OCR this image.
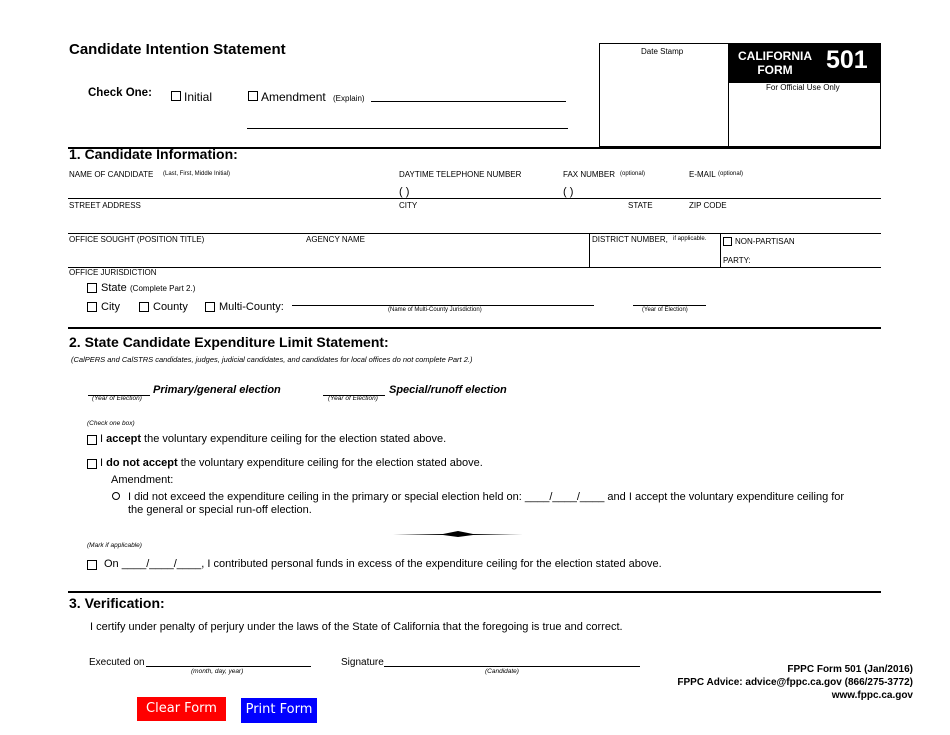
Candidate Intention Statement
Check One:	Initial	Amendment (Explain)
Date Stamp	CALIFORNIA
FORM	501
For Official Use Only
1. Candidate Information:
NAME OF CANDIDATE (Last, First, Middle Initial)	DAYTIME TELEPHONE NUMBER	FAX NUMBER (optional)	E-MAIL (optional)
( )	( )
STREET ADDRESS	CITY	STATE	ZIP CODE
OFFICE SOUGHT (POSITION TITLE)	AGENCY NAME	DISTRICT NUMBER, if applicable.	NON-PARTISAN
PARTY:
OFFICE JURISDICTION
State (Complete Part 2.)
City	County	Multi-County:	(Name of Multi-County Jurisdiction)	(Year of Election)
2. State Candidate Expenditure Limit Statement:
(CalPERS and CalSTRS candidates, judges, judicial candidates, and candidates for local offices do not complete Part 2.)
Primary/general election
(Year of Election)
Special/runoff election
(Year of Election)
(Check one box)
I accept the voluntary expenditure ceiling for the election stated above.
I do not accept the voluntary expenditure ceiling for the election stated above.
Amendment:
I did not exceed the expenditure ceiling in the primary or special election held on: ____/____/____ and I accept the voluntary expenditure ceiling for
the general or special run-off election.
(Mark if applicable)
On ____/____/____, I contributed personal funds in excess of the expenditure ceiling for the election stated above.
3. Verification:
I certify under penalty of perjury under the laws of the State of California that the foregoing is true and correct.
Executed on
(month, day, year)
Signature
(Candidate)	FPPC Form 501 (Jan/2016)
FPPC Advice: advice@fppc.ca.gov (866/275-3772)
www.fppc.ca.gov
Clear Form	Print Form
